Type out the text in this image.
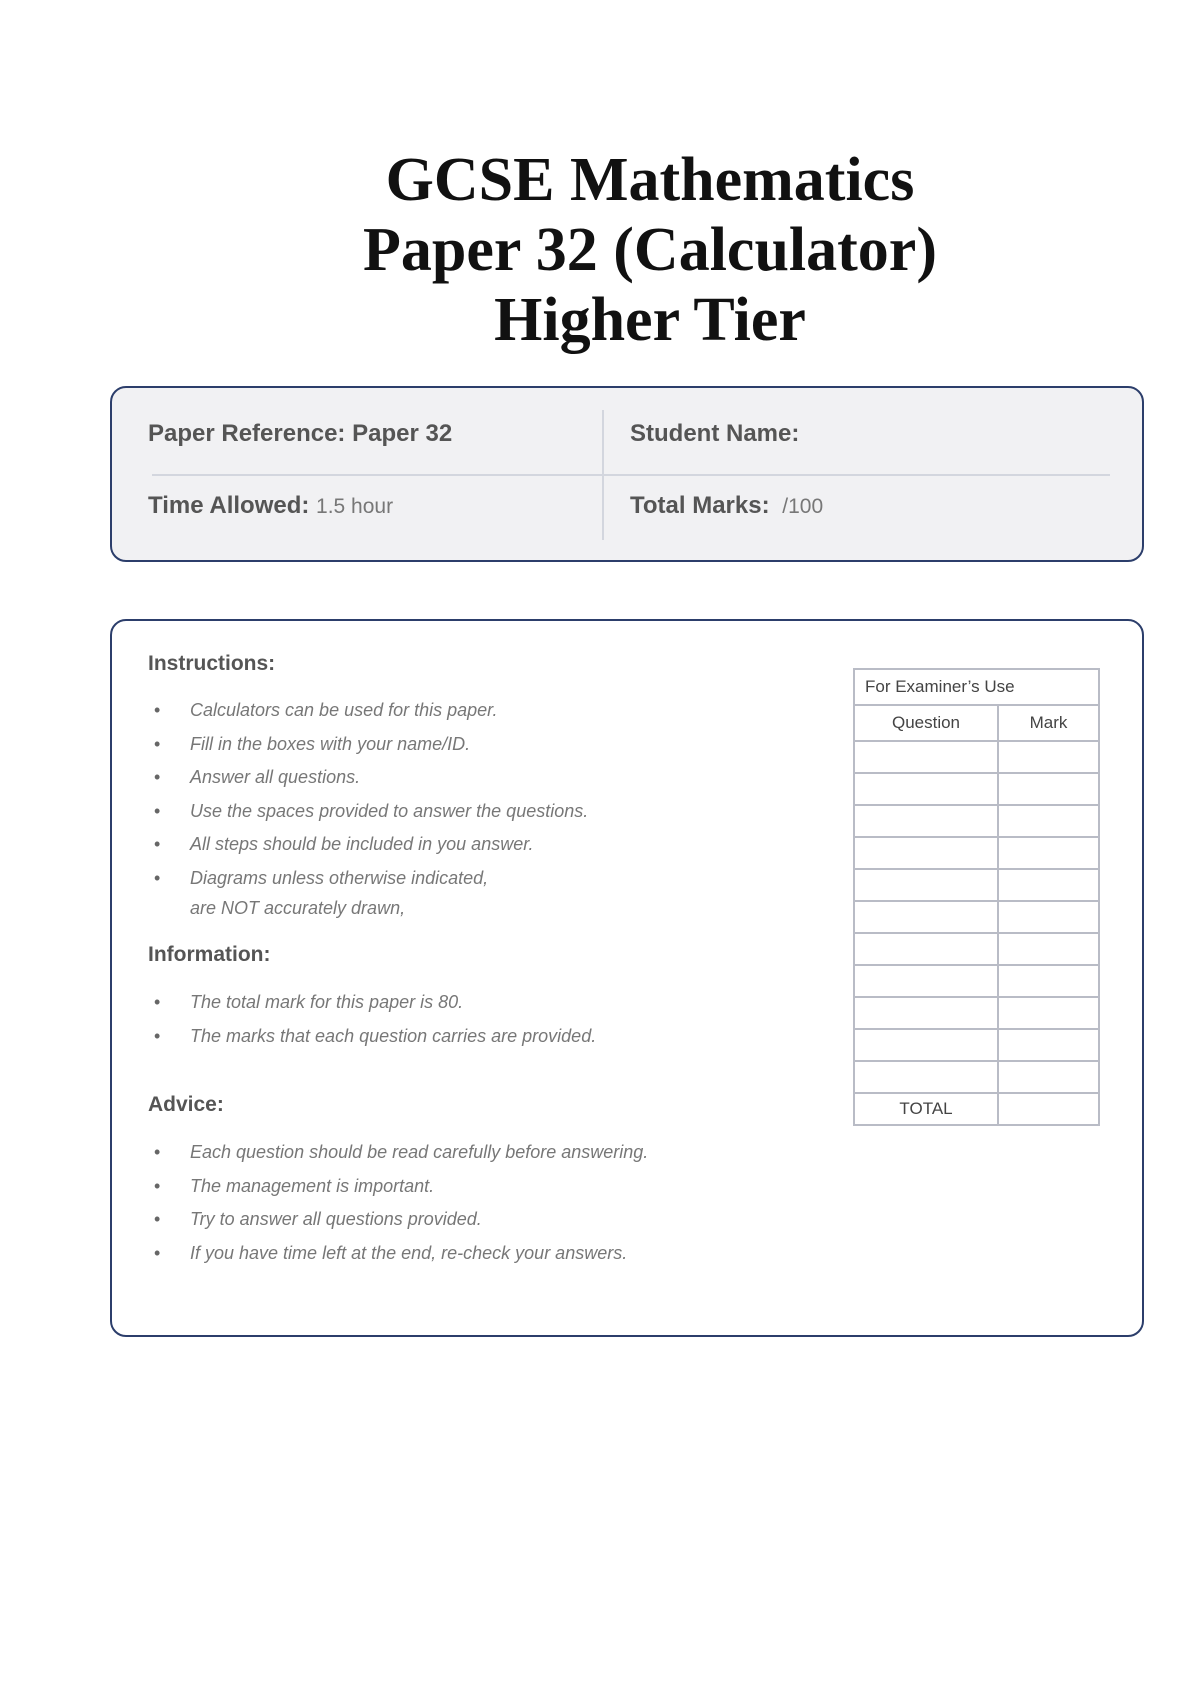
GCSE Mathematics
Paper 32 (Calculator)
Higher Tier
Paper Reference: Paper 32	Student Name:
Time Allowed: 1.5 hour	Total Marks: /100
Instructions:
• Calculators can be used for this paper.
• Fill in the boxes with your name/ID.
• Answer all questions.
• Use the spaces provided to answer the questions.
• All steps should be included in you answer.
• Diagrams unless otherwise indicated,
are NOT accurately drawn,
Information:
• The total mark for this paper is 80.
• The marks that each question carries are provided.
Advice:
• Each question should be read carefully before answering.
• The management is important.
• Try to answer all questions provided.
• If you have time left at the end, re-check your answers.
For Examiner’s Use	
Question	Mark

TOTAL	
